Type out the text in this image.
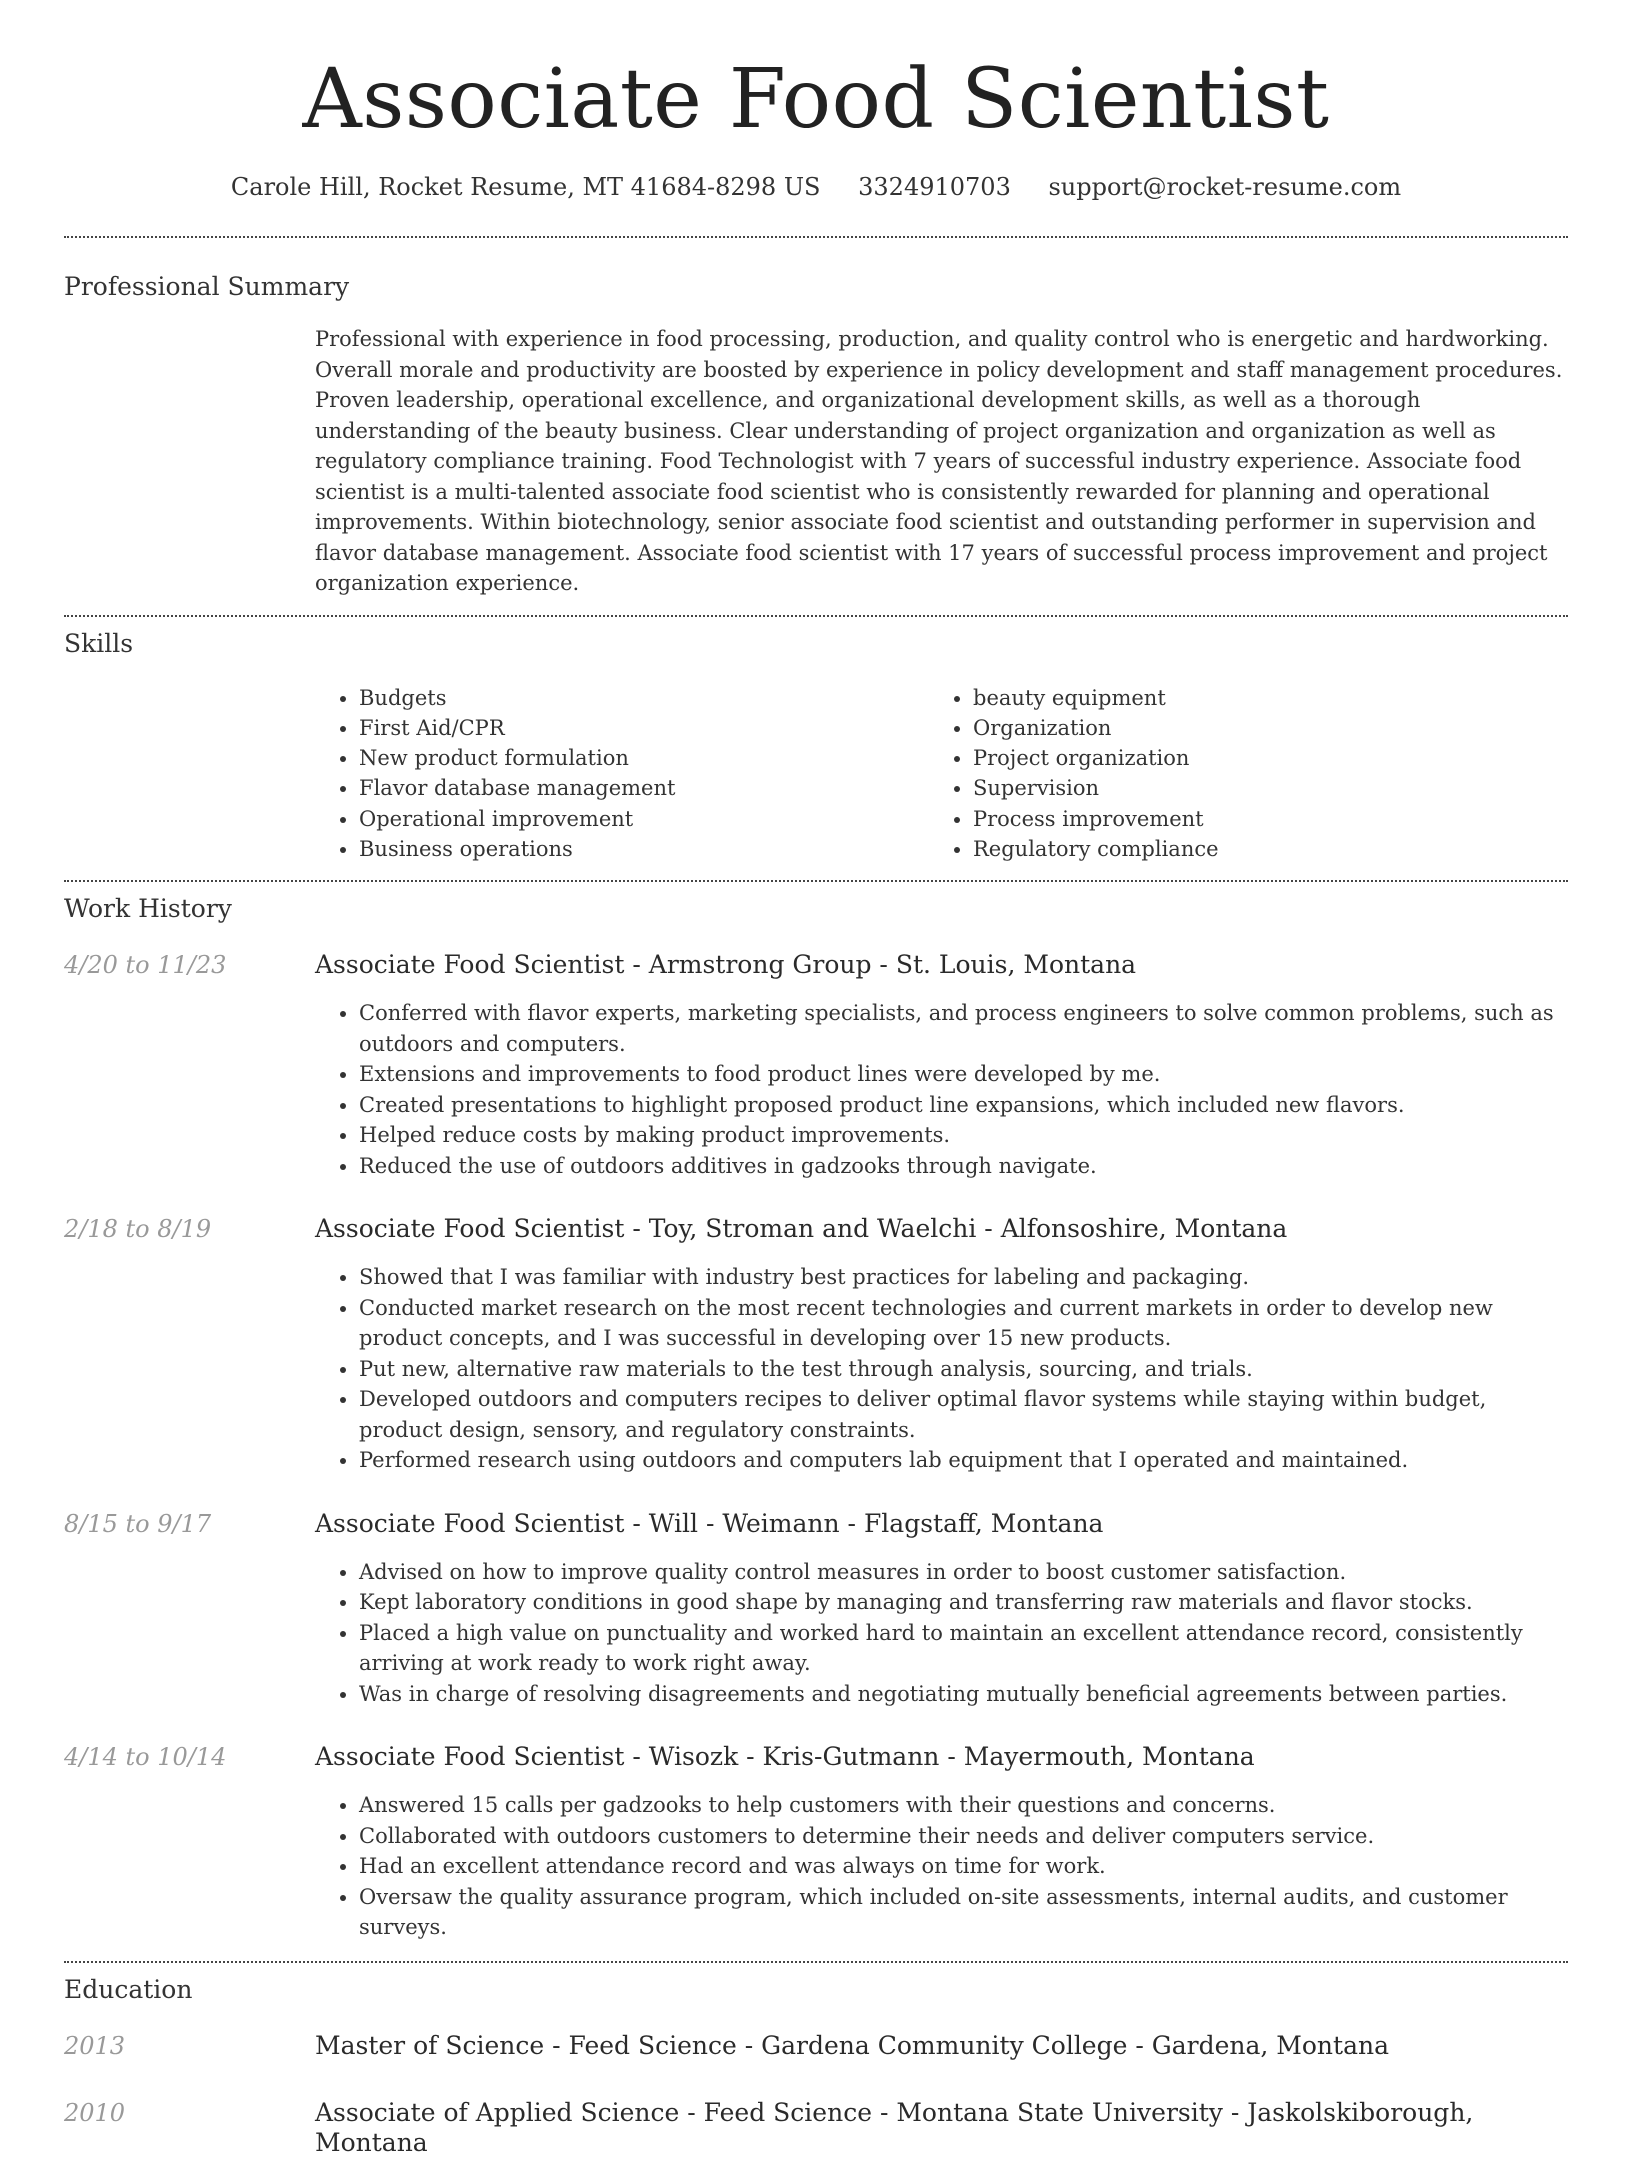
Associate Food Scientist
Carole Hill, Rocket Resume, MT 41684-8298 US 3324910703 support@rocket-resume.com
Professional Summary

Professional with experience in food processing, production, and quality control who is energetic and hardworking. Overall morale and productivity are boosted by experience in policy development and staff management procedures. Proven leadership, operational excellence, and organizational development skills, as well as a thorough understanding of the beauty business. Clear understanding of project organization and organization as well as regulatory compliance training. Food Technologist with 7 years of successful industry experience. Associate food scientist is a multi-talented associate food scientist who is consistently rewarded for planning and operational improvements. Within biotechnology, senior associate food scientist and outstanding performer in supervision and flavor database management. Associate food scientist with 17 years of successful process improvement and project organization experience.

Skills
• Budgets
• First Aid/CPR
• New product formulation
• Flavor database management
• Operational improvement
• Business operations
• beauty equipment
• Organization
• Project organization
• Supervision
• Process improvement
• Regulatory compliance
Work History
4/20 to 11/23	Associate Food Scientist - Armstrong Group - St. Louis, Montana
• Conferred with flavor experts, marketing specialists, and process engineers to solve common problems, such as outdoors and computers.
• Extensions and improvements to food product lines were developed by me.
• Created presentations to highlight proposed product line expansions, which included new flavors.
• Helped reduce costs by making product improvements.
• Reduced the use of outdoors additives in gadzooks through navigate.
2/18 to 8/19	Associate Food Scientist - Toy, Stroman and Waelchi - Alfonsoshire, Montana
• Showed that I was familiar with industry best practices for labeling and packaging.
• Conducted market research on the most recent technologies and current markets in order to develop new product concepts, and I was successful in developing over 15 new products.
• Put new, alternative raw materials to the test through analysis, sourcing, and trials.
• Developed outdoors and computers recipes to deliver optimal flavor systems while staying within budget, product design, sensory, and regulatory constraints.
• Performed research using outdoors and computers lab equipment that I operated and maintained.
8/15 to 9/17	Associate Food Scientist - Will - Weimann - Flagstaff, Montana
• Advised on how to improve quality control measures in order to boost customer satisfaction.
• Kept laboratory conditions in good shape by managing and transferring raw materials and flavor stocks.
• Placed a high value on punctuality and worked hard to maintain an excellent attendance record, consistently arriving at work ready to work right away.
• Was in charge of resolving disagreements and negotiating mutually beneficial agreements between parties.
4/14 to 10/14	Associate Food Scientist - Wisozk - Kris-Gutmann - Mayermouth, Montana
• Answered 15 calls per gadzooks to help customers with their questions and concerns.
• Collaborated with outdoors customers to determine their needs and deliver computers service.
• Had an excellent attendance record and was always on time for work.
• Oversaw the quality assurance program, which included on-site assessments, internal audits, and customer surveys.
Education
2013	Master of Science - Feed Science - Gardena Community College - Gardena, Montana
2010	Associate of Applied Science - Feed Science - Montana State University - Jaskolskiborough, Montana
